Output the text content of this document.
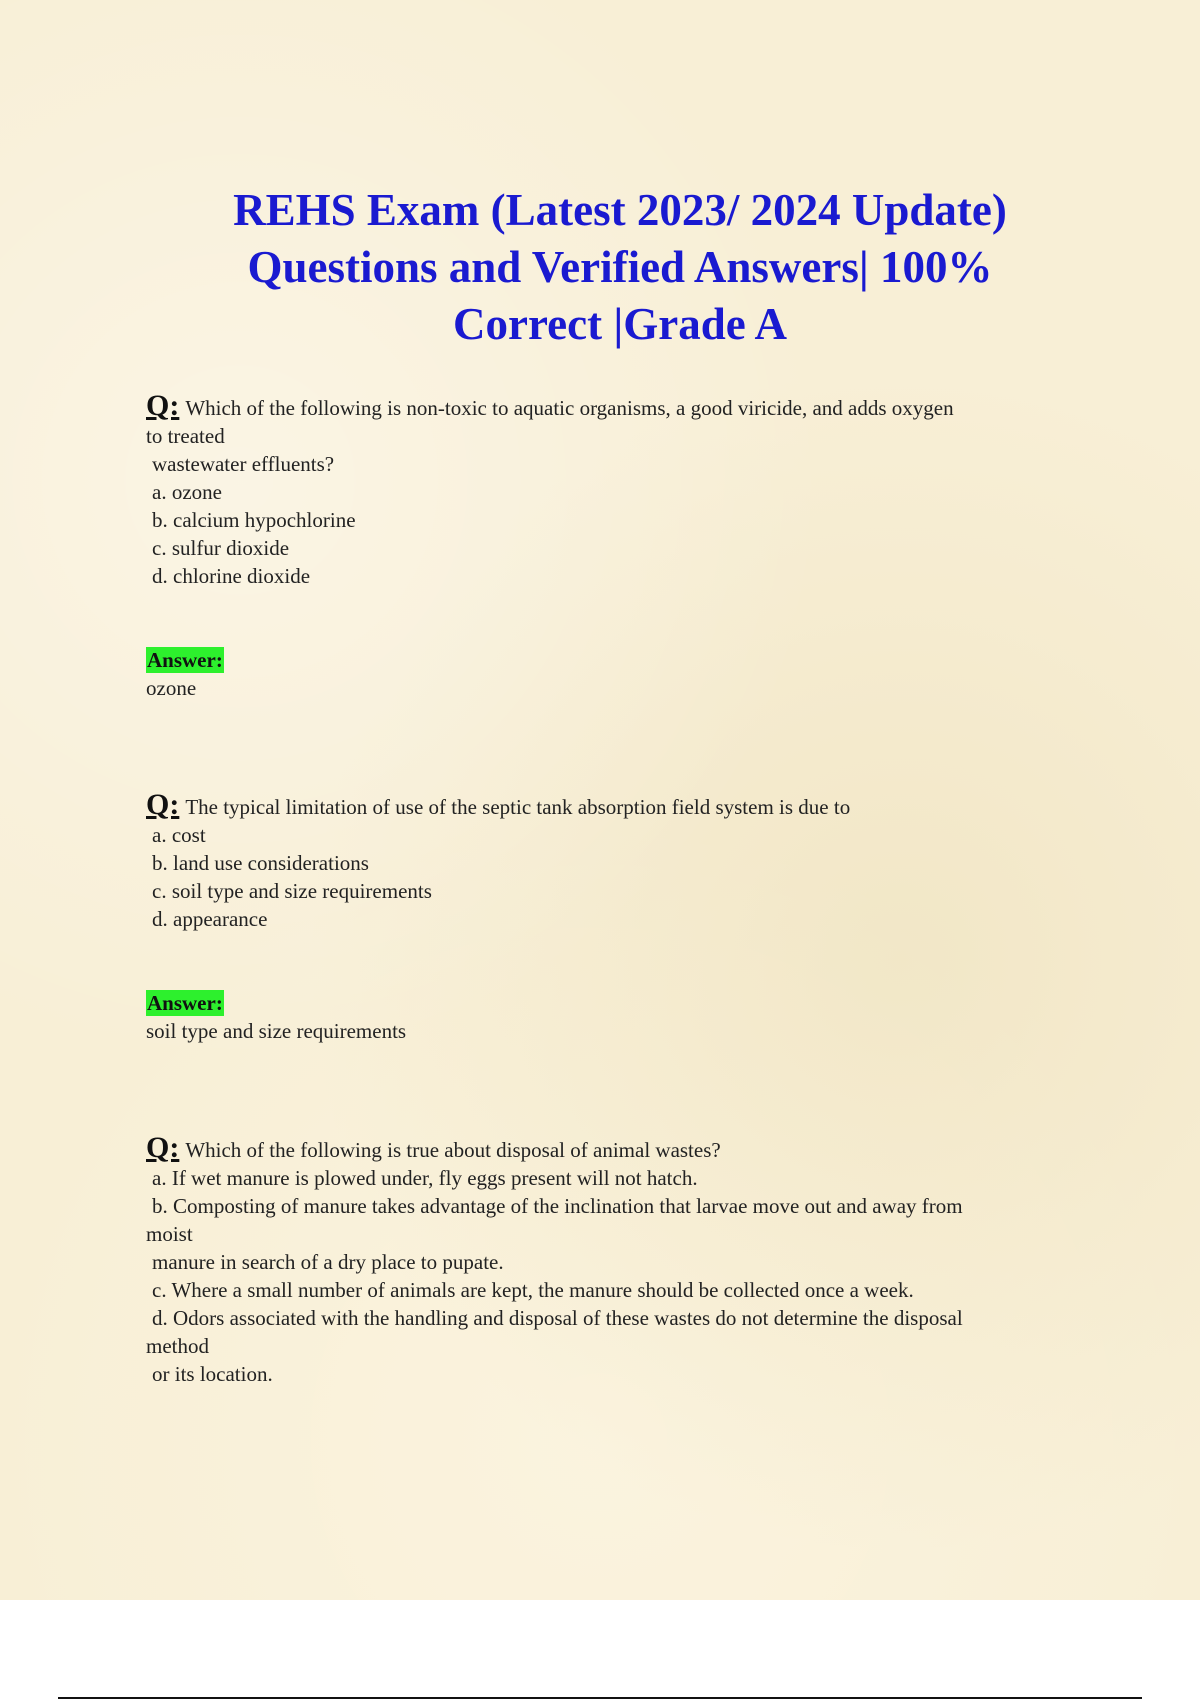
REHS Exam (Latest 2023/ 2024 Update)
Questions and Verified Answers| 100%
Correct |Grade A
Q: Which of the following is non-toxic to aquatic organisms, a good viricide, and adds oxygen
to treated
wastewater effluents?
a. ozone
b. calcium hypochlorine
c. sulfur dioxide
d. chlorine dioxide
Answer:
ozone
Q: The typical limitation of use of the septic tank absorption field system is due to
a. cost
b. land use considerations
c. soil type and size requirements
d. appearance
Answer:
soil type and size requirements
Q: Which of the following is true about disposal of animal wastes?
a. If wet manure is plowed under, fly eggs present will not hatch.
b. Composting of manure takes advantage of the inclination that larvae move out and away from
moist
manure in search of a dry place to pupate.
c. Where a small number of animals are kept, the manure should be collected once a week.
d. Odors associated with the handling and disposal of these wastes do not determine the disposal
method
or its location.
